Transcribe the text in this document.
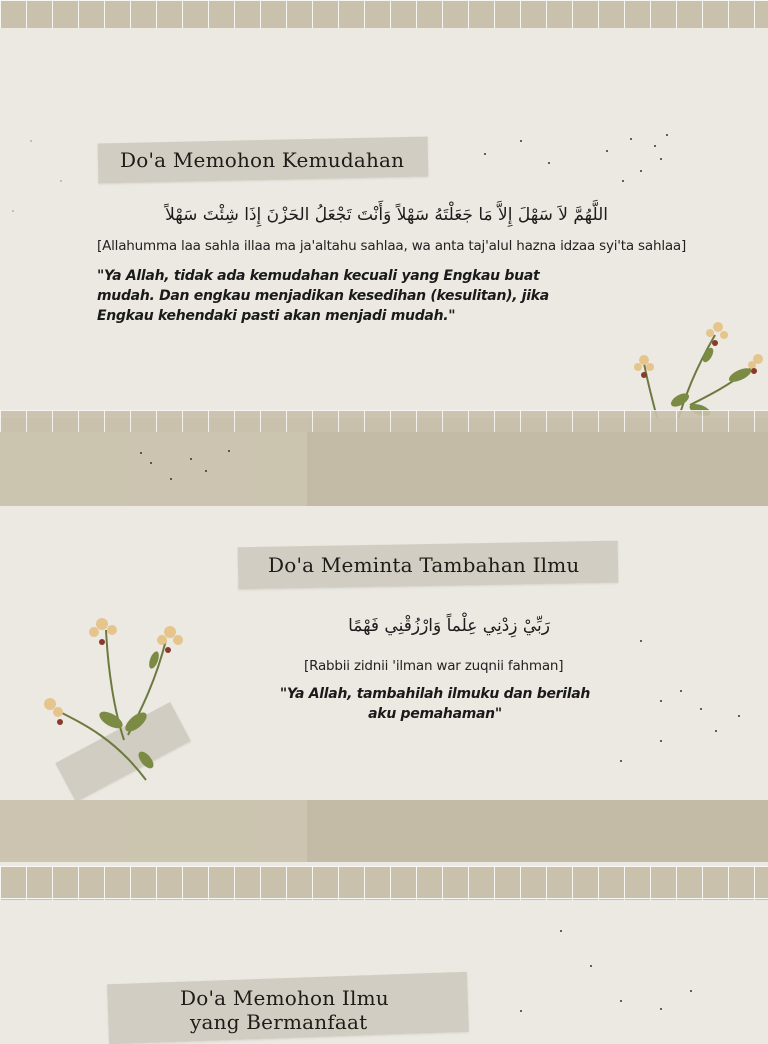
Do'a Memohon Kemudahan
اللَّهُمَّ لاَ سَهْلَ إِلاَّ مَا جَعَلْتَهُ سَهْلاً وَأَنْتَ تَجْعَلُ الحَزْنَ إِذَا شِئْتَ سَهْلاً
[Allahumma laa sahla illaa ma ja'altahu sahlaa, wa anta taj'alul hazna idzaa syi'ta sahlaa]
"Ya Allah, tidak ada kemudahan kecuali yang Engkau buat mudah. Dan engkau menjadikan kesedihan (kesulitan), jika Engkau kehendaki pasti akan menjadi mudah."
Do'a Meminta Tambahan Ilmu
رَبِّيْ زِدْنِي عِلْماً وَارْزُقْنِي فَهْمًا
[Rabbii zidnii 'ilman war zuqnii fahman]
"Ya Allah, tambahilah ilmuku dan berilah aku pemahaman"
Do'a Memohon Ilmu
yang Bermanfaat
